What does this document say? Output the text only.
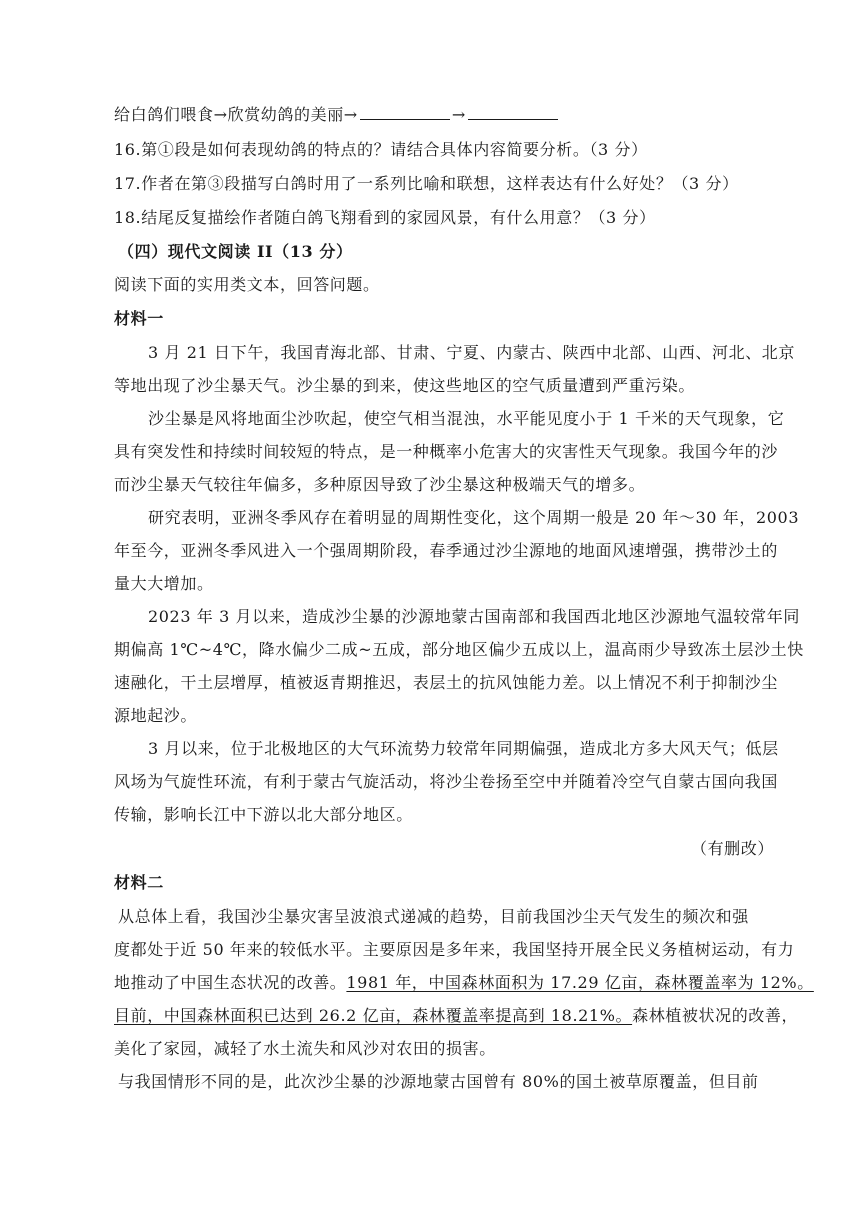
给白鸽们喂食→欣赏幼鸽的美丽→	→
16.第①段是如何表现幼鸽的特点的？请结合具体内容简要分析。（3 分）
17.作者在第③段描写白鸽时用了一系列比喻和联想，这样表达有什么好处？（3 分）
18.结尾反复描绘作者随白鸽飞翔看到的家园风景，有什么用意？（3 分）
（四）现代文阅读 II（13 分）
阅读下面的实用类文本，回答问题。
材料一
3 月 21 日下午，我国青海北部、甘肃、宁夏、内蒙古、陕西中北部、山西、河北、北京
等地出现了沙尘暴天气。沙尘暴的到来，使这些地区的空气质量遭到严重污染。
沙尘暴是风将地面尘沙吹起，使空气相当混浊，水平能见度小于 1 千米的天气现象，它
具有突发性和持续时间较短的特点，是一种概率小危害大的灾害性天气现象。我国今年的沙
而沙尘暴天气较往年偏多，多种原因导致了沙尘暴这种极端天气的增多。
研究表明，亚洲冬季风存在着明显的周期性变化，这个周期一般是 20 年～30 年，2003
年至今，亚洲冬季风进入一个强周期阶段，春季通过沙尘源地的地面风速增强，携带沙土的
量大大增加。
2023 年 3 月以来，造成沙尘暴的沙源地蒙古国南部和我国西北地区沙源地气温较常年同
期偏高 1℃~4℃，降水偏少二成~五成，部分地区偏少五成以上，温高雨少导致冻土层沙土快
速融化，干土层增厚，植被返青期推迟，表层土的抗风蚀能力差。以上情况不利于抑制沙尘
源地起沙。
3 月以来，位于北极地区的大气环流势力较常年同期偏强，造成北方多大风天气；低层
风场为气旋性环流，有利于蒙古气旋活动，将沙尘卷扬至空中并随着冷空气自蒙古国向我国
传输，影响长江中下游以北大部分地区。
（有删改）
材料二
从总体上看，我国沙尘暴灾害呈波浪式递减的趋势，目前我国沙尘天气发生的频次和强
度都处于近 50 年来的较低水平。主要原因是多年来，我国坚持开展全民义务植树运动，有力
地推动了中国生态状况的改善。1981 年，中国森林面积为 17.29 亿亩，森林覆盖率为 12%。
目前，中国森林面积已达到 26.2 亿亩，森林覆盖率提高到 18.21%。森林植被状况的改善，
美化了家园，减轻了水土流失和风沙对农田的损害。
与我国情形不同的是，此次沙尘暴的沙源地蒙古国曾有 80%的国土被草原覆盖，但目前
